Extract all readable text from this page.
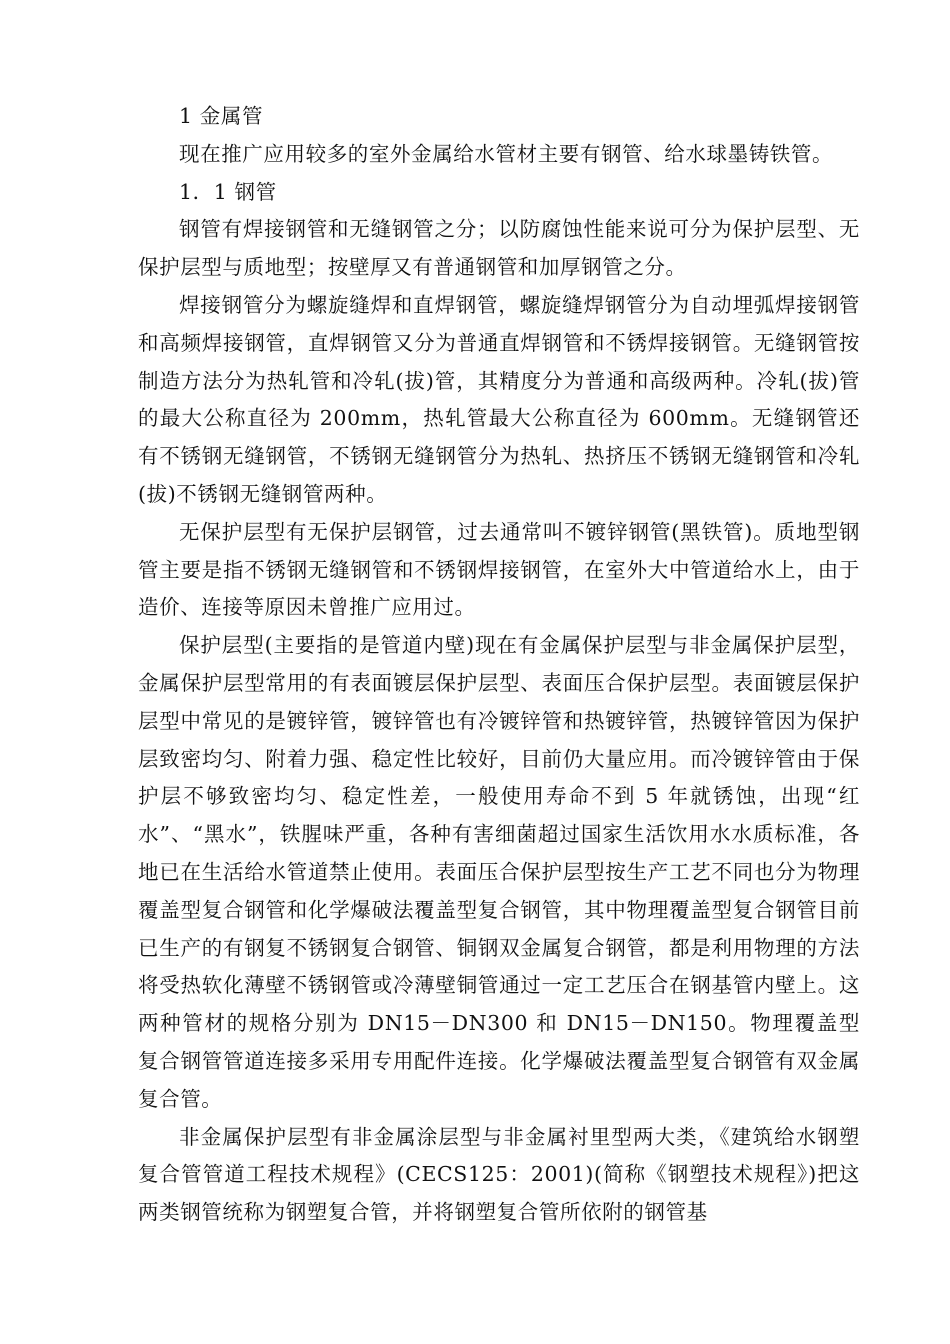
1 金属管

现在推广应用较多的室外金属给水管材主要有钢管、给水球墨铸铁管。

1．1 钢管

钢管有焊接钢管和无缝钢管之分；以防腐蚀性能来说可分为保护层型、无保护层型与质地型；按壁厚又有普通钢管和加厚钢管之分。

焊接钢管分为螺旋缝焊和直焊钢管，螺旋缝焊钢管分为自动埋弧焊接钢管和高频焊接钢管，直焊钢管又分为普通直焊钢管和不锈焊接钢管。无缝钢管按制造方法分为热轧管和冷轧(拔)管，其精度分为普通和高级两种。冷轧(拔)管的最大公称直径为 200mm，热轧管最大公称直径为 600mm。无缝钢管还有不锈钢无缝钢管，不锈钢无缝钢管分为热轧、热挤压不锈钢无缝钢管和冷轧(拔)不锈钢无缝钢管两种。

无保护层型有无保护层钢管，过去通常叫不镀锌钢管(黑铁管)。质地型钢管主要是指不锈钢无缝钢管和不锈钢焊接钢管，在室外大中管道给水上，由于造价、连接等原因未曾推广应用过。

保护层型(主要指的是管道内壁)现在有金属保护层型与非金属保护层型，金属保护层型常用的有表面镀层保护层型、表面压合保护层型。表面镀层保护层型中常见的是镀锌管，镀锌管也有冷镀锌管和热镀锌管，热镀锌管因为保护层致密均匀、附着力强、稳定性比较好，目前仍大量应用。而冷镀锌管由于保护层不够致密均匀、稳定性差，一般使用寿命不到 5 年就锈蚀，出现“红水”、“黑水”，铁腥味严重，各种有害细菌超过国家生活饮用水水质标准，各地已在生活给水管道禁止使用。表面压合保护层型按生产工艺不同也分为物理覆盖型复合钢管和化学爆破法覆盖型复合钢管，其中物理覆盖型复合钢管目前已生产的有钢复不锈钢复合钢管、铜钢双金属复合钢管，都是利用物理的方法将受热软化薄壁不锈钢管或冷薄壁铜管通过一定工艺压合在钢基管内壁上。这两种管材的规格分别为 DN15－DN300 和 DN15－DN150。物理覆盖型复合钢管管道连接多采用专用配件连接。化学爆破法覆盖型复合钢管有双金属复合管。

非金属保护层型有非金属涂层型与非金属衬里型两大类，《建筑给水钢塑复合管管道工程技术规程》(CECS125：2001)(简称《钢塑技术规程》)把这两类钢管统称为钢塑复合管，并将钢塑复合管所依附的钢管基
